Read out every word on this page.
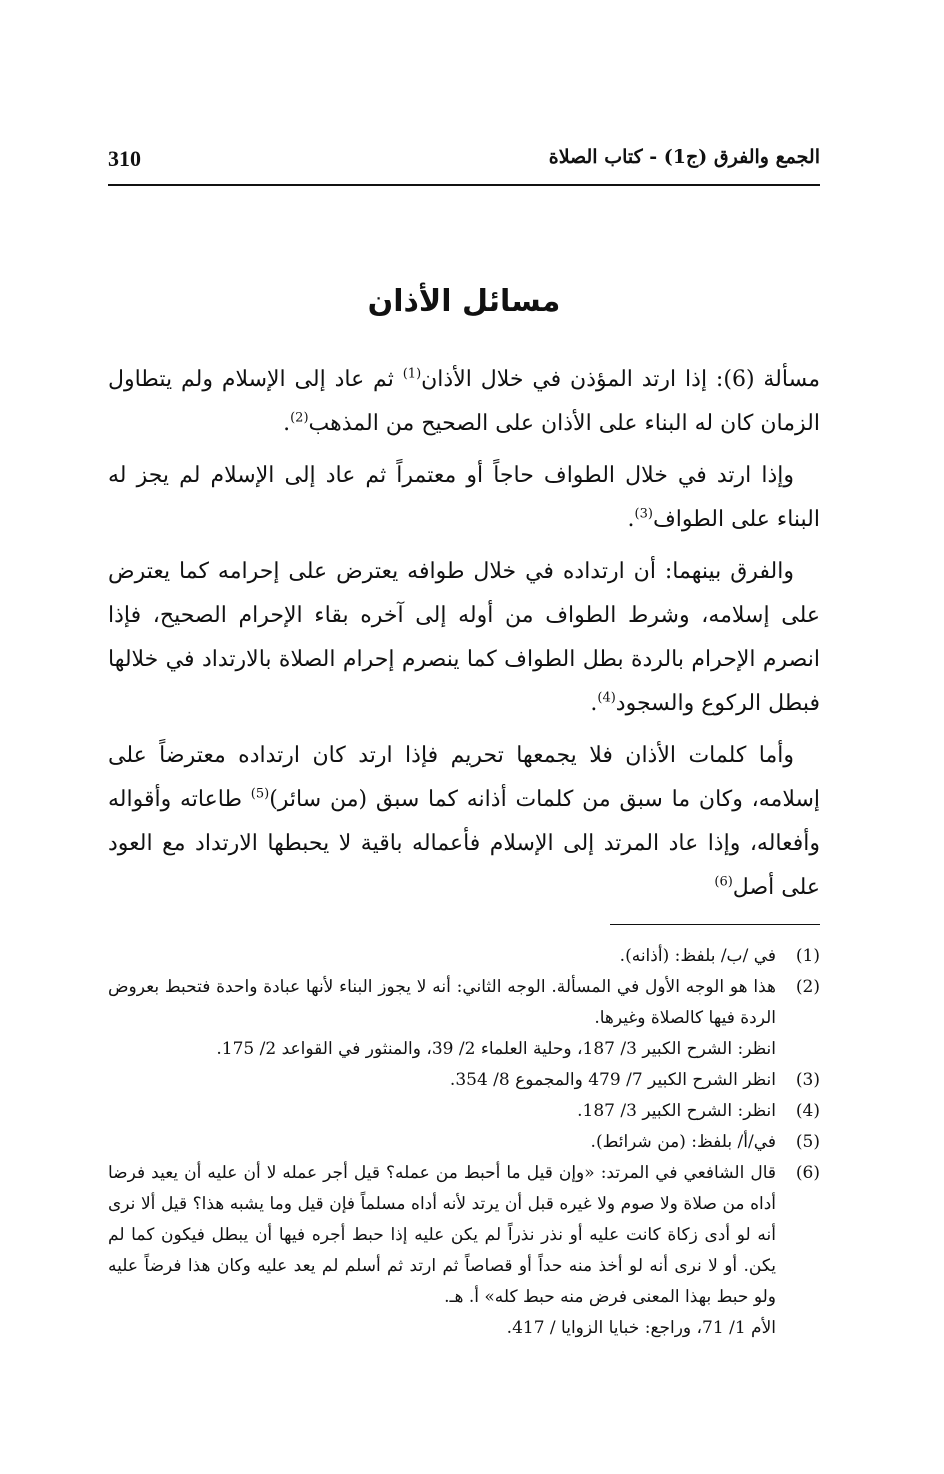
310	الجمع والفرق (ج1) - كتاب الصلاة
مسائل الأذان

مسألة (6): إذا ارتد المؤذن في خلال الأذان$^{(1)}$ ثم عاد إلى الإسلام ولم يتطاول الزمان كان له البناء على الأذان على الصحيح من المذهب$^{(2)}$.

وإذا ارتد في خلال الطواف حاجاً أو معتمراً ثم عاد إلى الإسلام لم يجز له البناء على الطواف$^{(3)}$.

والفرق بينهما: أن ارتداده في خلال طوافه يعترض على إحرامه كما يعترض على إسلامه، وشرط الطواف من أوله إلى آخره بقاء الإحرام الصحيح، فإذا انصرم الإحرام بالردة بطل الطواف كما ينصرم إحرام الصلاة بالارتداد في خلالها فبطل الركوع والسجود$^{(4)}$.

وأما كلمات الأذان فلا يجمعها تحريم فإذا ارتد كان ارتداده معترضاً على إسلامه، وكان ما سبق من كلمات أذانه كما سبق (من سائر)$^{(5)}$ طاعاته وأقواله وأفعاله، وإذا عاد المرتد إلى الإسلام فأعماله باقية لا يحبطها الارتداد مع العود على أصل$^{(6)}$

(1)
في /ب/ بلفظ: (أذانه).
(2)
هذا هو الوجه الأول في المسألة. الوجه الثاني: أنه لا يجوز البناء لأنها عبادة واحدة فتحبط بعروض الردة فيها كالصلاة وغيرها.
انظر: الشرح الكبير 3/ 187، وحلية العلماء 2/ 39، والمنثور في القواعد 2/ 175.
(3)
انظر الشرح الكبير 7/ 479 والمجموع 8/ 354.
(4)
انظر: الشرح الكبير 3/ 187.
(5)
في/أ/ بلفظ: (من شرائط).
(6)
قال الشافعي في المرتد: «وإن قيل ما أحبط من عمله؟ قيل أجر عمله لا أن عليه أن يعيد فرضا أداه من صلاة ولا صوم ولا غيره قبل أن يرتد لأنه أداه مسلماً فإن قيل وما يشبه هذا؟ قيل ألا نرى أنه لو أدى زكاة كانت عليه أو نذر نذراً لم يكن عليه إذا حبط أجره فيها أن يبطل فيكون كما لم يكن. أو لا نرى أنه لو أخذ منه حداً أو قصاصاً ثم ارتد ثم أسلم لم يعد عليه وكان هذا فرضاً عليه ولو حبط بهذا المعنى فرض منه حبط كله» أ. هـ.
الأم 1/ 71، وراجع: خبايا الزوايا / 417.
